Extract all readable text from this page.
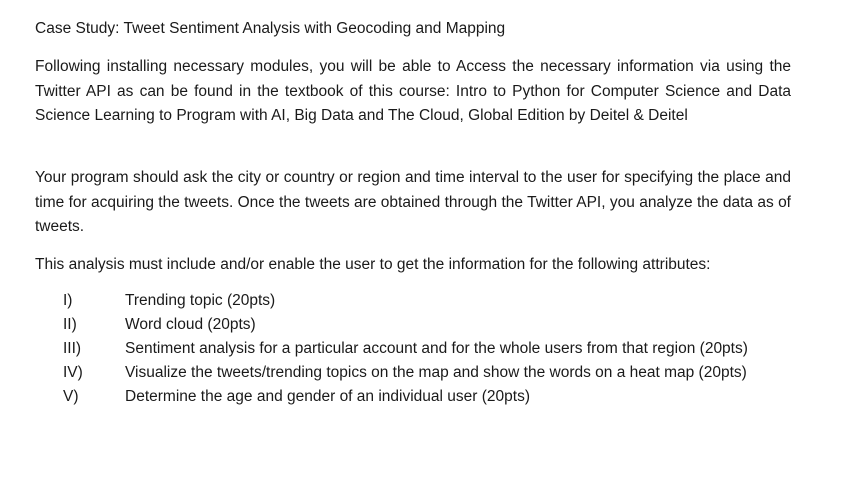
Case Study: Tweet Sentiment Analysis with Geocoding and Mapping

Following installing necessary modules, you will be able to Access the necessary information via using the Twitter API as can be found in the textbook of this course: Intro to Python for Computer Science and Data Science Learning to Program with AI, Big Data and The Cloud, Global Edition by Deitel & Deitel

Your program should ask the city or country or region and time interval to the user for specifying the place and time for acquiring the tweets. Once the tweets are obtained through the Twitter API, you analyze the data as of tweets.

This analysis must include and/or enable the user to get the information for the following attributes:

I)	Trending topic (20pts)
II)	Word cloud (20pts)
III)	Sentiment analysis for a particular account and for the whole users from that region (20pts)
IV)	Visualize the tweets/trending topics on the map and show the words on a heat map (20pts)
V)	Determine the age and gender of an individual user (20pts)
